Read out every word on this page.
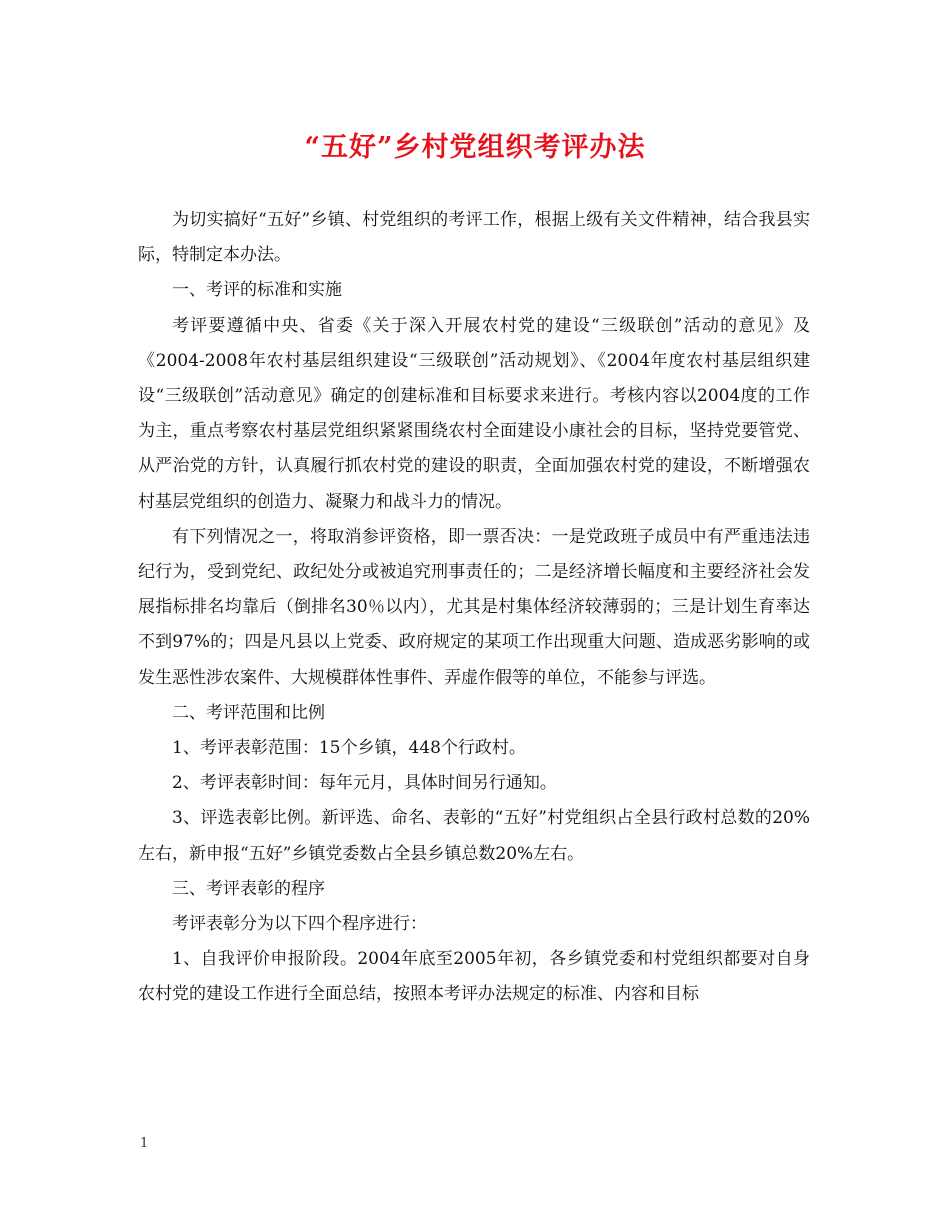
“五好”乡村党组织考评办法

为切实搞好“五好”乡镇、村党组织的考评工作，根据上级有关文件精神，结合我县实际，特制定本办法。

一、考评的标准和实施

考评要遵循中央、省委《关于深入开展农村党的建设“三级联创”活动的意见》及《2004-2008年农村基层组织建设“三级联创”活动规划》、《2004年度农村基层组织建设“三级联创”活动意见》确定的创建标准和目标要求来进行。考核内容以2004度的工作为主，重点考察农村基层党组织紧紧围绕农村全面建设小康社会的目标，坚持党要管党、从严治党的方针，认真履行抓农村党的建设的职责，全面加强农村党的建设，不断增强农村基层党组织的创造力、凝聚力和战斗力的情况。

有下列情况之一，将取消参评资格，即一票否决：一是党政班子成员中有严重违法违纪行为，受到党纪、政纪处分或被追究刑事责任的；二是经济增长幅度和主要经济社会发展指标排名均靠后（倒排名30％以内），尤其是村集体经济较薄弱的；三是计划生育率达不到97%的；四是凡县以上党委、政府规定的某项工作出现重大问题、造成恶劣影响的或发生恶性涉农案件、大规模群体性事件、弄虚作假等的单位，不能参与评选。

二、考评范围和比例

1、考评表彰范围：15个乡镇，448个行政村。

2、考评表彰时间：每年元月，具体时间另行通知。

3、评选表彰比例。新评选、命名、表彰的“五好”村党组织占全县行政村总数的20%左右，新申报“五好”乡镇党委数占全县乡镇总数20%左右。

三、考评表彰的程序

考评表彰分为以下四个程序进行：

1、自我评价申报阶段。2004年底至2005年初，各乡镇党委和村党组织都要对自身农村党的建设工作进行全面总结，按照本考评办法规定的标准、内容和目标

1
